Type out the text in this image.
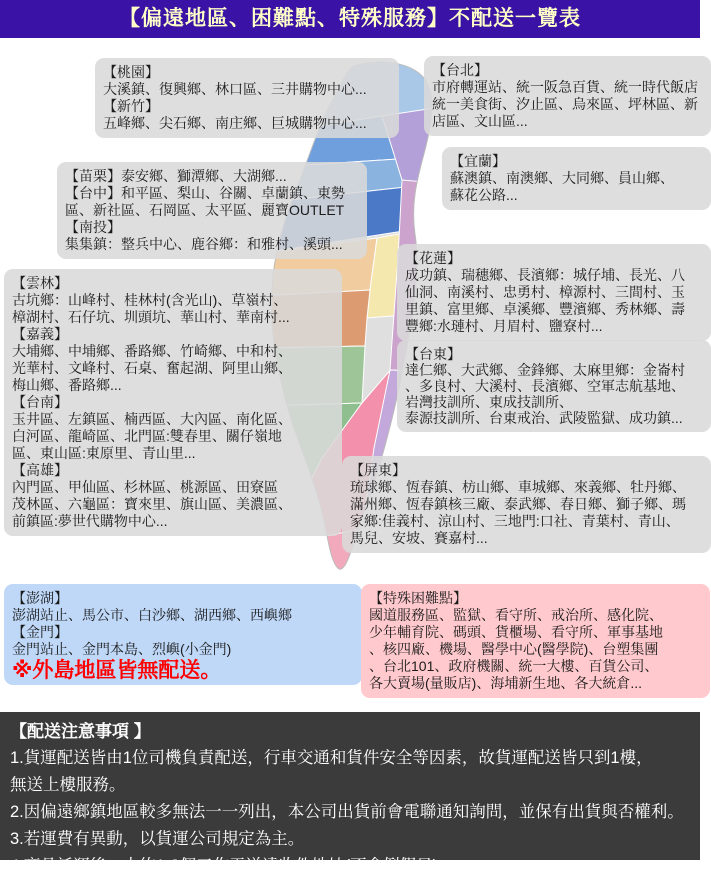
【偏遠地區、困難點、特殊服務】不配送一覽表
【桃園】
大溪鎮、復興鄉、林口區、三井購物中心...
【新竹】
五峰鄉、尖石鄉、南庄鄉、巨城購物中心...
【台北】
市府轉運站、統一阪急百貨、統一時代飯店
統一美食街、汐止區、烏來區、坪林區、新
店區、文山區...
【宜蘭】
蘇澳鎮、南澳鄉、大同鄉、員山鄉、
蘇花公路...
【苗栗】泰安鄉、獅潭鄉、大湖鄉...
【台中】和平區、梨山、谷關、卓蘭鎮、東勢
區、新社區、石岡區、太平區、麗寶OUTLET
【南投】
集集鎮：整兵中心、鹿谷鄉：和雅村、溪頭...
【花蓮】
成功鎮、瑞穗鄉、長濱鄉：城仔埔、長光、八
仙洞、南溪村、忠勇村、樟源村、三間村、玉
里鎮、富里鄉、卓溪鄉、豐濱鄉、秀林鄉、壽
豐鄉:水璉村、月眉村、鹽寮村...
【台東】
達仁鄉、大武鄉、金鋒鄉、太麻里鄉：金崙村
、多良村、大溪村、長濱鄉、空軍志航基地、
岩灣技訓所、東成技訓所、
泰源技訓所、台東戒治、武陵監獄、成功鎮...
【雲林】
古坑鄉：山峰村、桂林村(含光山)、草嶺村、
樟湖村、石仔坑、圳頭坑、華山村、華南村...
【嘉義】
大埔鄉、中埔鄉、番路鄉、竹崎鄉、中和村、
光華村、文峰村、石桌、奮起湖、阿里山鄉、
梅山鄉、番路鄉...
【台南】
玉井區、左鎮區、楠西區、大內區、南化區、
白河區、龍崎區、北門區:雙春里、關仔嶺地
區、東山區:東原里、青山里...
【高雄】
內門區、甲仙區、杉林區、桃源區、田寮區
茂林區、六龜區：寶來里、旗山區、美濃區、
前鎮區:夢世代購物中心...
【屏東】
琉球鄉、恆春鎮、枋山鄉、車城鄉、來義鄉、牡丹鄉、
滿州鄉、恆春鎮核三廠、泰武鄉、春日鄉、獅子鄉、瑪
家鄉:佳義村、涼山村、三地門:口社、青葉村、青山、
馬兒、安坡、賽嘉村...
【澎湖】
澎湖站止、馬公市、白沙鄉、湖西鄉、西嶼鄉
【金門】
金門站止、金門本島、烈嶼(小金門)
※外島地區皆無配送。
【特殊困難點】
國道服務區、監獄、看守所、戒治所、感化院、
少年輔育院、碼頭、貨櫃場、看守所、軍事基地
、核四廠、機場、醫學中心(醫學院)、台塑集團
、台北101、政府機關、統一大樓、百貨公司、
各大賣場(量販店)、海埔新生地、各大統倉...
【配送注意事項 】
1.貨運配送皆由1位司機負責配送，行車交通和貨件安全等因素，故貨運配送皆只到1樓，
無送上樓服務。
2.因偏遠鄉鎮地區較多無法一一列出，本公司出貨前會電聯通知詢問，並保有出貨與否權利。
3.若運費有異動，以貨運公司規定為主。
4.商品託運後，大約1-3個工作天送達收件地址(不含例假日)。
